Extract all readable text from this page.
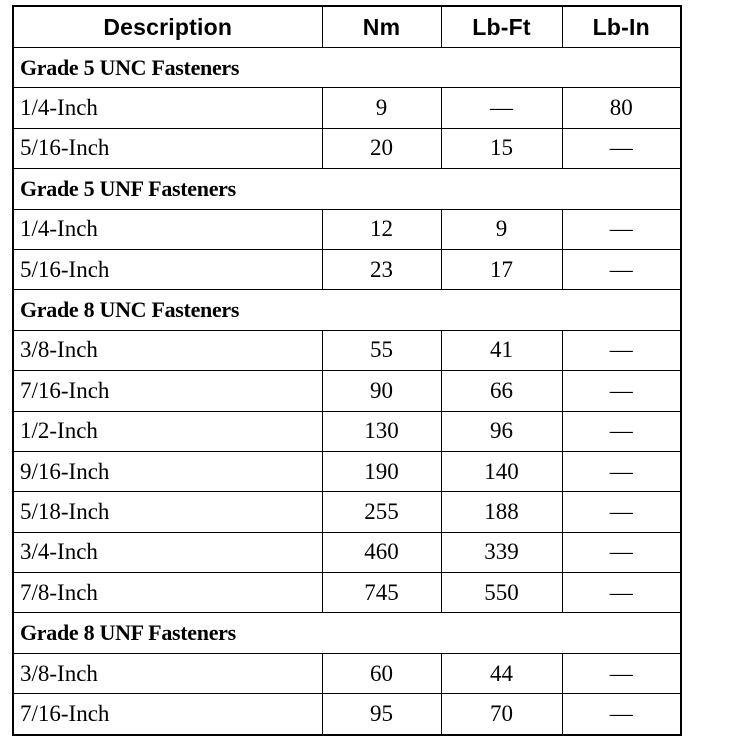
Description	Nm	Lb-Ft	Lb-In
Grade 5 UNC Fasteners			
1/4-Inch	9	—	80
5/16-Inch	20	15	—
Grade 5 UNF Fasteners			
1/4-Inch	12	9	—
5/16-Inch	23	17	—
Grade 8 UNC Fasteners			
3/8-Inch	55	41	—
7/16-Inch	90	66	—
1/2-Inch	130	96	—
9/16-Inch	190	140	—
5/18-Inch	255	188	—
3/4-Inch	460	339	—
7/8-Inch	745	550	—
Grade 8 UNF Fasteners			
3/8-Inch	60	44	—
7/16-Inch	95	70	—
